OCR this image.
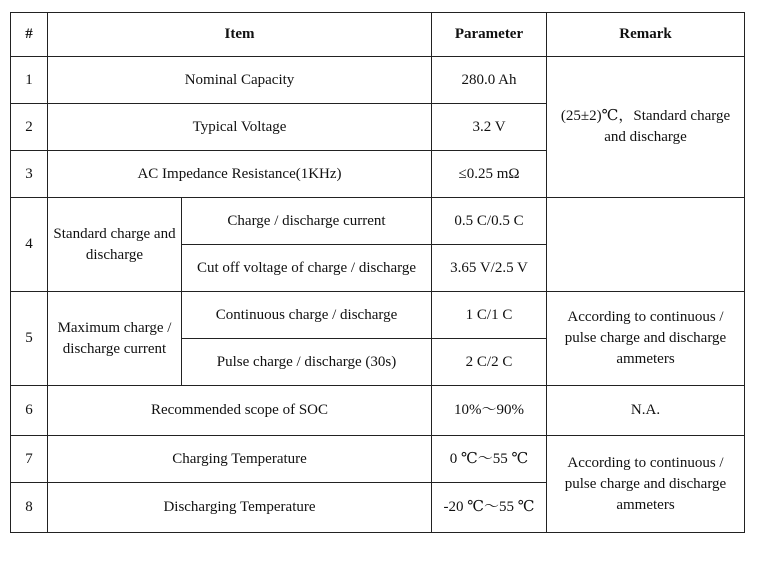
#	Item		Parameter	Remark
1	Nominal Capacity		280.0 Ah	(25±2)℃，Standard charge and discharge
2	Typical Voltage		3.2 V	
3	AC Impedance Resistance(1KHz)		≤0.25 mΩ	
4	Standard charge and discharge	Charge / discharge current	0.5 C/0.5 C	
		Cut off voltage of charge / discharge	3.65 V/2.5 V	
5	Maximum charge / discharge current	Continuous charge / discharge	1 C/1 C	According to continuous / pulse charge and discharge ammeters
		Pulse charge / discharge (30s)	2 C/2 C	
6	Recommended scope of SOC		10%～90%	N.A.
7	Charging Temperature		0 ℃～55 ℃	According to continuous / pulse charge and discharge ammeters
8	Discharging Temperature		-20 ℃～55 ℃	
